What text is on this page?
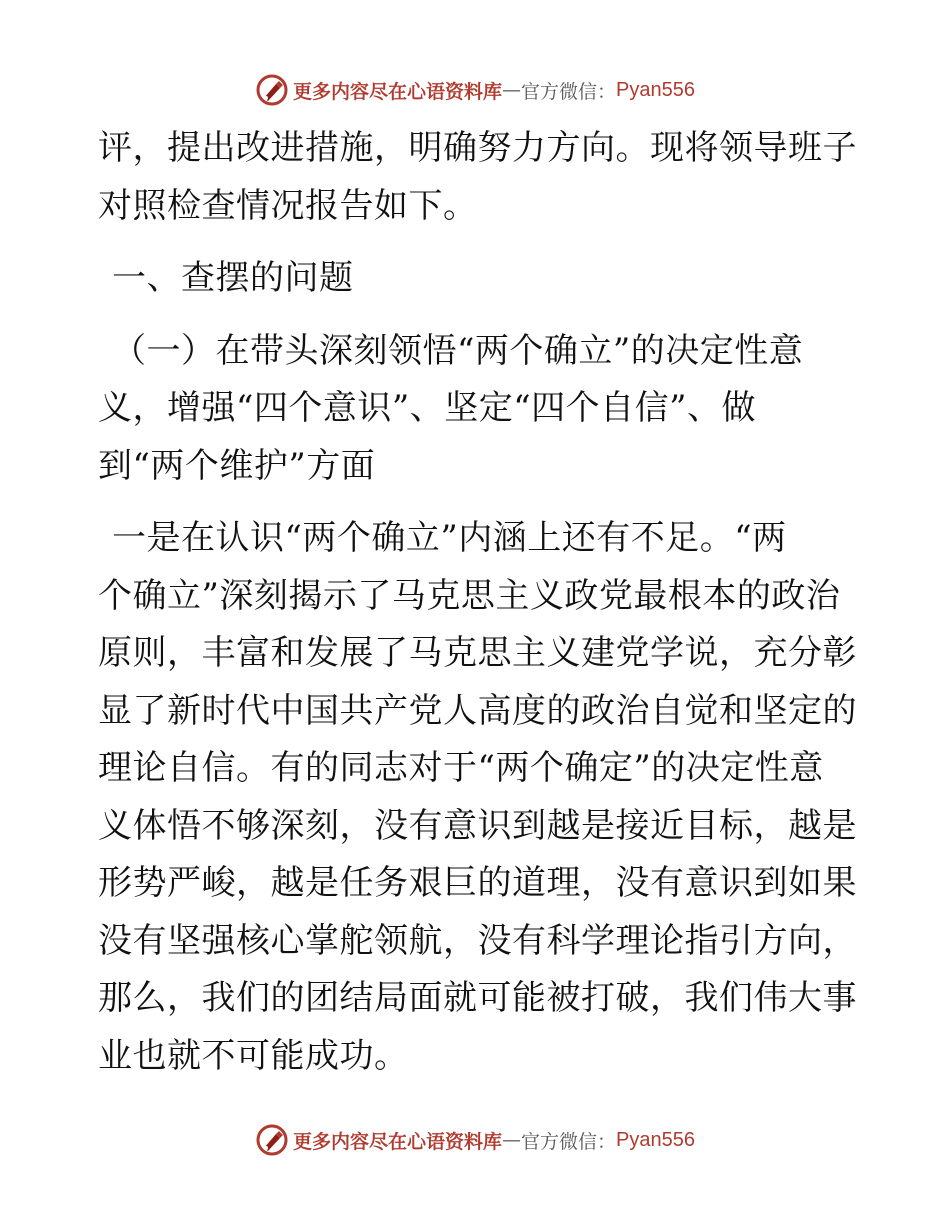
更多内容尽在心语资料库 — 官方微信： Pyan556
评，提出改进措施，明确努力方向。现将领导班子
对照检查情况报告如下。
一、查摆的问题
（一）在带头深刻领悟“两个确立”的决定性意
义，增强“四个意识”、坚定“四个自信”、做
到“两个维护”方面
一是在认识“两个确立”内涵上还有不足。“两
个确立”深刻揭示了马克思主义政党最根本的政治
原则，丰富和发展了马克思主义建党学说，充分彰
显了新时代中国共产党人高度的政治自觉和坚定的
理论自信。有的同志对于“两个确定”的决定性意
义体悟不够深刻，没有意识到越是接近目标，越是
形势严峻，越是任务艰巨的道理，没有意识到如果
没有坚强核心掌舵领航，没有科学理论指引方向，
那么，我们的团结局面就可能被打破，我们伟大事
业也就不可能成功。
更多内容尽在心语资料库 — 官方微信： Pyan556
